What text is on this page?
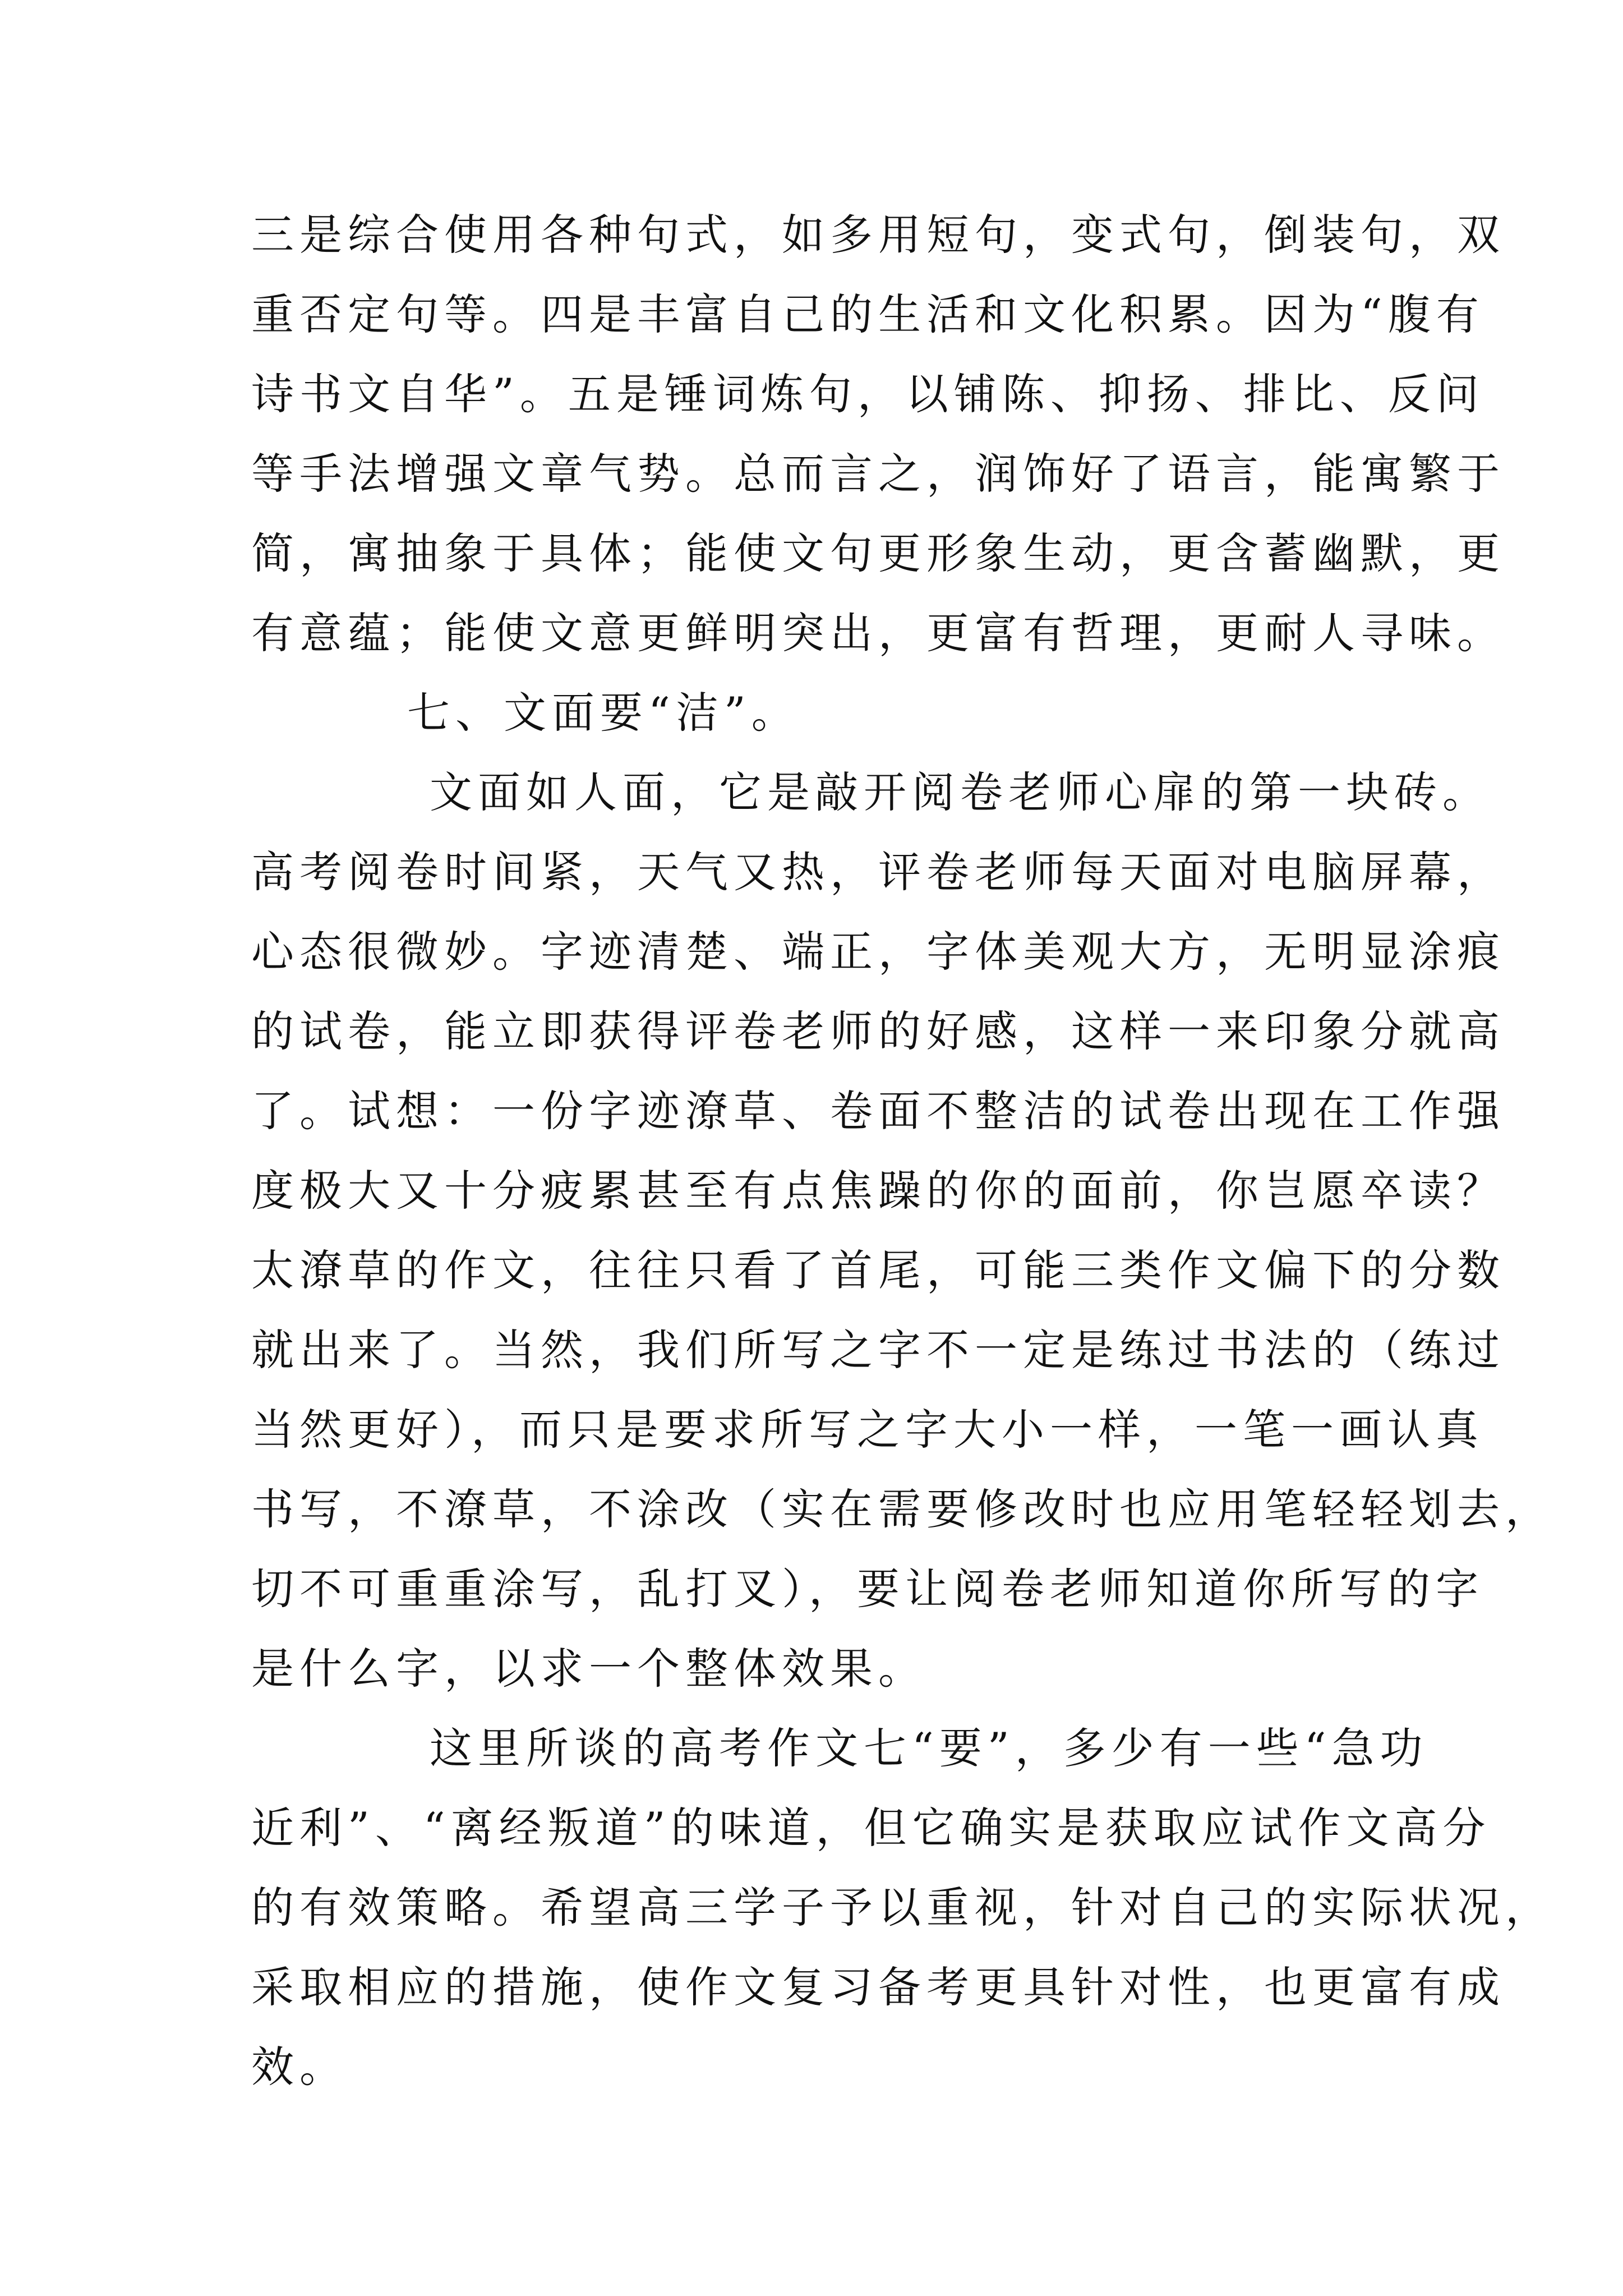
三是综合使用各种句式，如多用短句，变式句，倒装句，双
重否定句等。四是丰富自己的生活和文化积累。因为“腹有
诗书文自华”。五是锤词炼句，以铺陈、抑扬、排比、反问
等手法增强文章气势。总而言之，润饰好了语言，能寓繁于
简，寓抽象于具体；能使文句更形象生动，更含蓄幽默，更
有意蕴；能使文意更鲜明突出，更富有哲理，更耐人寻味。
七、文面要“洁”。
文面如人面，它是敲开阅卷老师心扉的第一块砖。
高考阅卷时间紧，天气又热，评卷老师每天面对电脑屏幕，
心态很微妙。字迹清楚、端正，字体美观大方，无明显涂痕
的试卷，能立即获得评卷老师的好感，这样一来印象分就高
了。试想：一份字迹潦草、卷面不整洁的试卷出现在工作强
度极大又十分疲累甚至有点焦躁的你的面前，你岂愿卒读？
太潦草的作文，往往只看了首尾，可能三类作文偏下的分数
就出来了。当然，我们所写之字不一定是练过书法的（练过
当然更好），而只是要求所写之字大小一样，一笔一画认真
书写，不潦草，不涂改（实在需要修改时也应用笔轻轻划去，
切不可重重涂写，乱打叉），要让阅卷老师知道你所写的字
是什么字，以求一个整体效果。
这里所谈的高考作文七“要”，多少有一些“急功
近利”、“离经叛道”的味道，但它确实是获取应试作文高分
的有效策略。希望高三学子予以重视，针对自己的实际状况，
采取相应的措施，使作文复习备考更具针对性，也更富有成
效。
